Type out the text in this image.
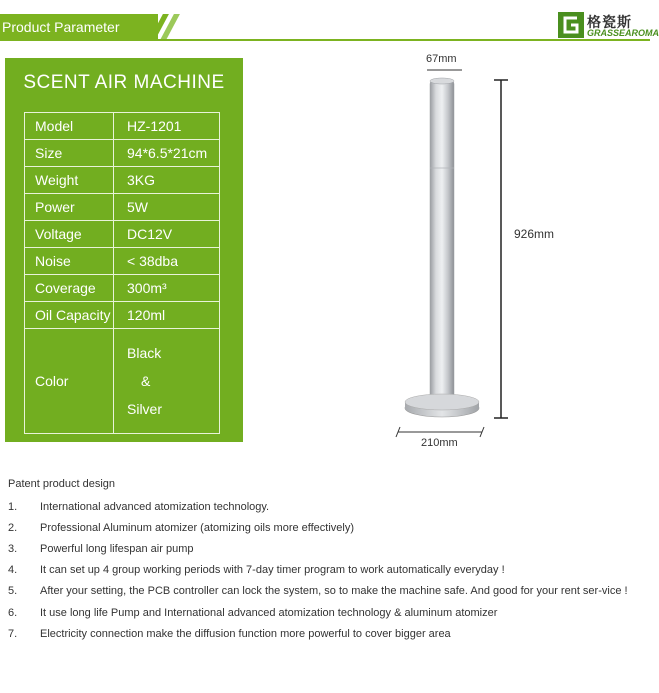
Product Parameter	格瓷斯
GRASSEAROMA
SCENT AIR MACHINE
Model	HZ-1201
Size	94*6.5*21cm
Weight	3KG
Power	5W
Voltage	DC12V
Noise	< 38dba
Coverage	300m³
Oil Capacity	120ml
Color	Black
&
Silver
67mm
926mm
210mm
Patent product design
1. International advanced atomization technology.
2. Professional Aluminum atomizer (atomizing oils more effectively)
3. Powerful long lifespan air pump
4. It can set up 4 group working periods with 7-day timer program to work automatically everyday !
5. After your setting, the PCB controller can lock the system, so to make the machine safe. And good for your rent ser-vice !
6. It use long life Pump and International advanced atomization technology & aluminum atomizer
7. Electricity connection make the diffusion function more powerful to cover bigger area
